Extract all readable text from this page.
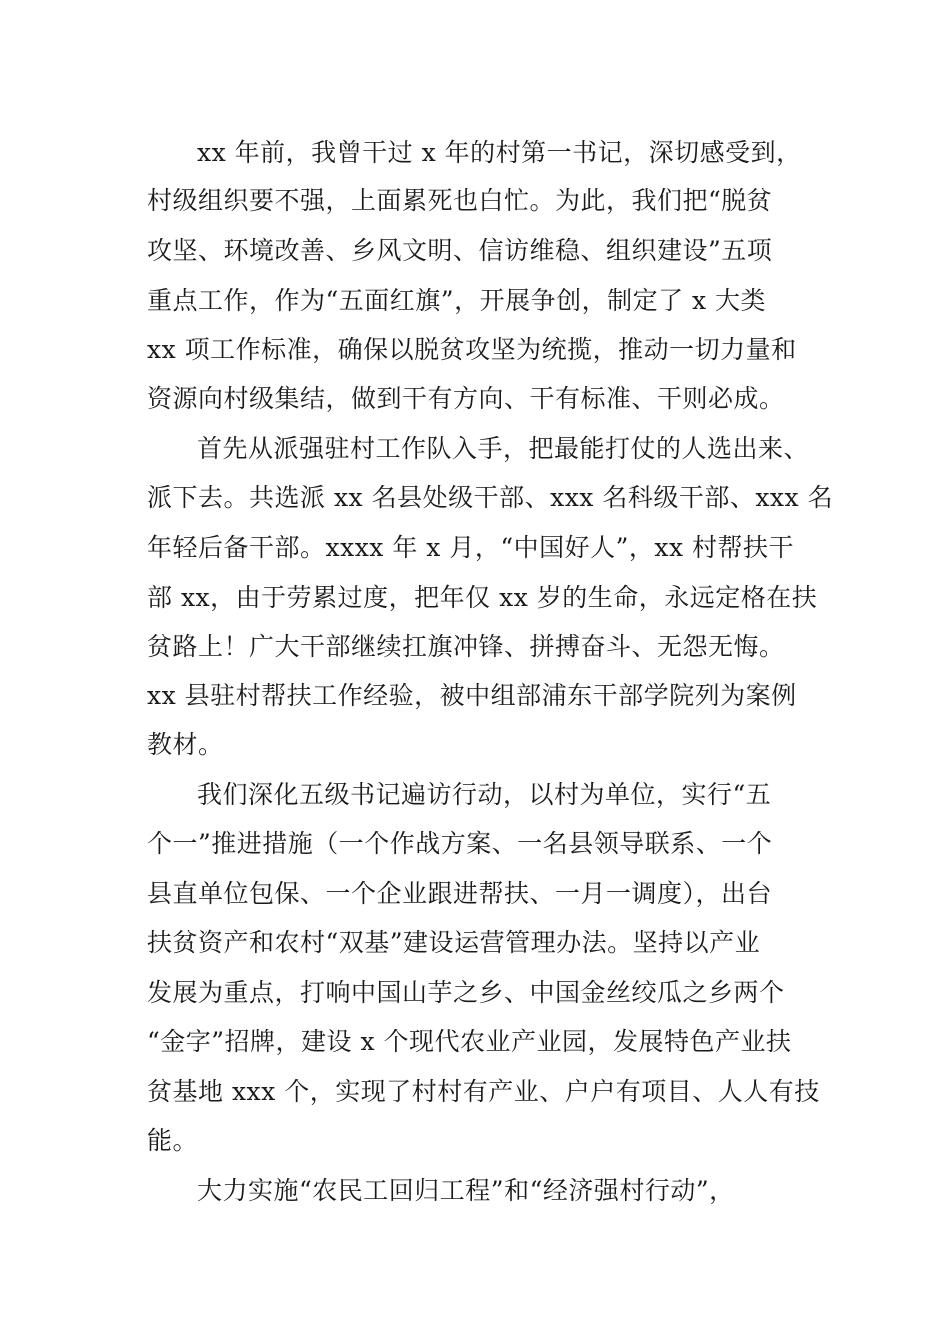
xx 年前，我曾干过 x 年的村第一书记，深切感受到，
村级组织要不强，上面累死也白忙。为此，我们把“脱贫
攻坚、环境改善、乡风文明、信访维稳、组织建设”五项
重点工作，作为“五面红旗”，开展争创，制定了 x 大类
xx 项工作标准，确保以脱贫攻坚为统揽，推动一切力量和
资源向村级集结，做到干有方向、干有标准、干则必成。
首先从派强驻村工作队入手，把最能打仗的人选出来、
派下去。共选派 xx 名县处级干部、xxx 名科级干部、xxx 名
年轻后备干部。xxxx 年 x 月，“中国好人”，xx 村帮扶干
部 xx，由于劳累过度，把年仅 xx 岁的生命，永远定格在扶
贫路上！广大干部继续扛旗冲锋、拼搏奋斗、无怨无悔。
xx 县驻村帮扶工作经验，被中组部浦东干部学院列为案例
教材。
我们深化五级书记遍访行动，以村为单位，实行“五
个一”推进措施（一个作战方案、一名县领导联系、一个
县直单位包保、一个企业跟进帮扶、一月一调度），出台
扶贫资产和农村“双基”建设运营管理办法。坚持以产业
发展为重点，打响中国山芋之乡、中国金丝绞瓜之乡两个
“金字”招牌，建设 x 个现代农业产业园，发展特色产业扶
贫基地 xxx 个，实现了村村有产业、户户有项目、人人有技
能。
大力实施“农民工回归工程”和“经济强村行动”，
